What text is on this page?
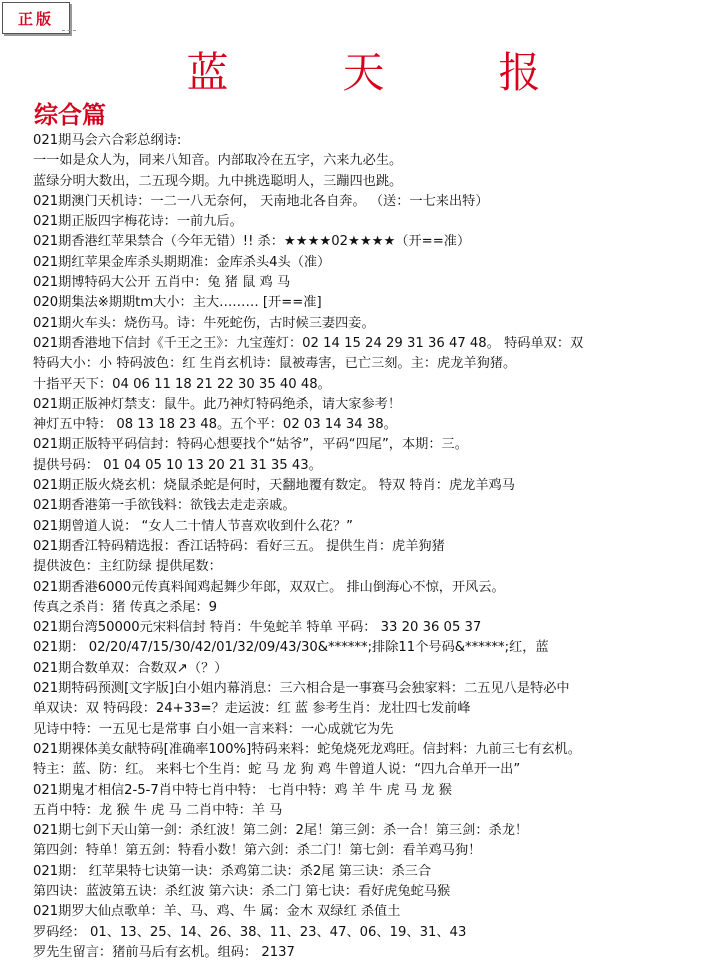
正版
蓝　天　报
综合篇
021期马会六合彩总纲诗:
一一如是众人为，同来八知音。内部取冷在五字，六来九必生。
蓝绿分明大数出，二五现今期。九中挑选聪明人，三蹦四也跳。
021期澳门天机诗：一二一八无奈何， 天南地北各自奔。 （送：一七来出特）
021期正版四字梅花诗：一前九后。
021期香港红苹果禁合（今年无错）!! 杀：★★★★02★★★★（开==准）
021期红苹果金库杀头期期准：金库杀头4头（准）
021期博特码大公开 五肖中：兔 猪 鼠 鸡 马
020期集法※期期tm大小：主大……… [开==准]
021期火车头：烧伤马。诗：牛死蛇伤，古时候三妻四妾。
021期香港地下信封《千王之王》：九宝莲灯：02 14 15 24 29 31 36 47 48。 特码单双：双
特码大小：小 特码波色：红 生肖玄机诗：鼠被毒害，已亡三刻。主：虎龙羊狗猪。
十指平天下：04 06 11 18 21 22 30 35 40 48。
021期正版神灯禁支：鼠牛。此乃神灯特码绝杀，请大家参考！
神灯五中特： 08 13 18 23 48。五个平：02 03 14 34 38。
021期正版特平码信封：特码心想要找个“姑爷”，平码“四尾”，本期：三。
提供号码： 01 04 05 10 13 20 21 31 35 43。
021期正版火烧玄机：烧鼠杀蛇是何时，天翻地覆有数定。 特双 特肖：虎龙羊鸡马
021期香港第一手欲钱料：欲钱去走走亲戚。
021期曾道人说： “女人二十情人节喜欢收到什么花？”
021期香江特码精选报：香江话特码：看好三五。 提供生肖：虎羊狗猪
提供波色：主红防绿 提供尾数：
021期香港6000元传真料闻鸡起舞少年郎，双双亡。 排山倒海心不惊，开风云。
传真之杀肖：猪 传真之杀尾：9
021期台湾50000元宋料信封 特肖：牛兔蛇羊 特单 平码： 33 20 36 05 37
021期： 02/20/47/15/30/42/01/32/09/43/30&******;排除11个号码&******;红，蓝
021期合数单双：合数双↗（？）
021期特码预测[文字版]白小姐内幕消息：三六相合是一事赛马会独家料：二五见八是特必中
单双诀：双 特码段：24+33=？走运波：红 蓝 参考生肖：龙壮四七发前峰
见诗中特：一五见七是常事 白小姐一言来料：一心成就它为先
021期裸体美女献特码[准确率100%]特码来料：蛇兔烧死龙鸡旺。信封料：九前三七有玄机。
特主：蓝、防：红。 来料七个生肖：蛇 马 龙 狗 鸡 牛曾道人说：“四九合单开一出”
021期鬼才相信2-5-7肖中特七肖中特： 七肖中特：鸡 羊 牛 虎 马 龙 猴
五肖中特：龙 猴 牛 虎 马 二肖中特：羊 马
021期七剑下天山第一剑：杀红波！第二剑：2尾！第三剑：杀一合！第三剑：杀龙！
第四剑：特单！第五剑：特看小数！第六剑：杀二门！第七剑：看羊鸡马狗！
021期： 红苹果特七诀第一诀：杀鸡第二诀：杀2尾 第三诀：杀三合
第四诀：蓝波第五诀：杀红波 第六诀：杀二门 第七诀：看好虎兔蛇马猴
021期罗大仙点歌单：羊、马、鸡、牛 属：金木 双绿红 杀值土
罗码经： 01、13、25、14、26、38、11、23、47、06、19、31、43
罗先生留言：猪前马后有玄机。组码： 2137
